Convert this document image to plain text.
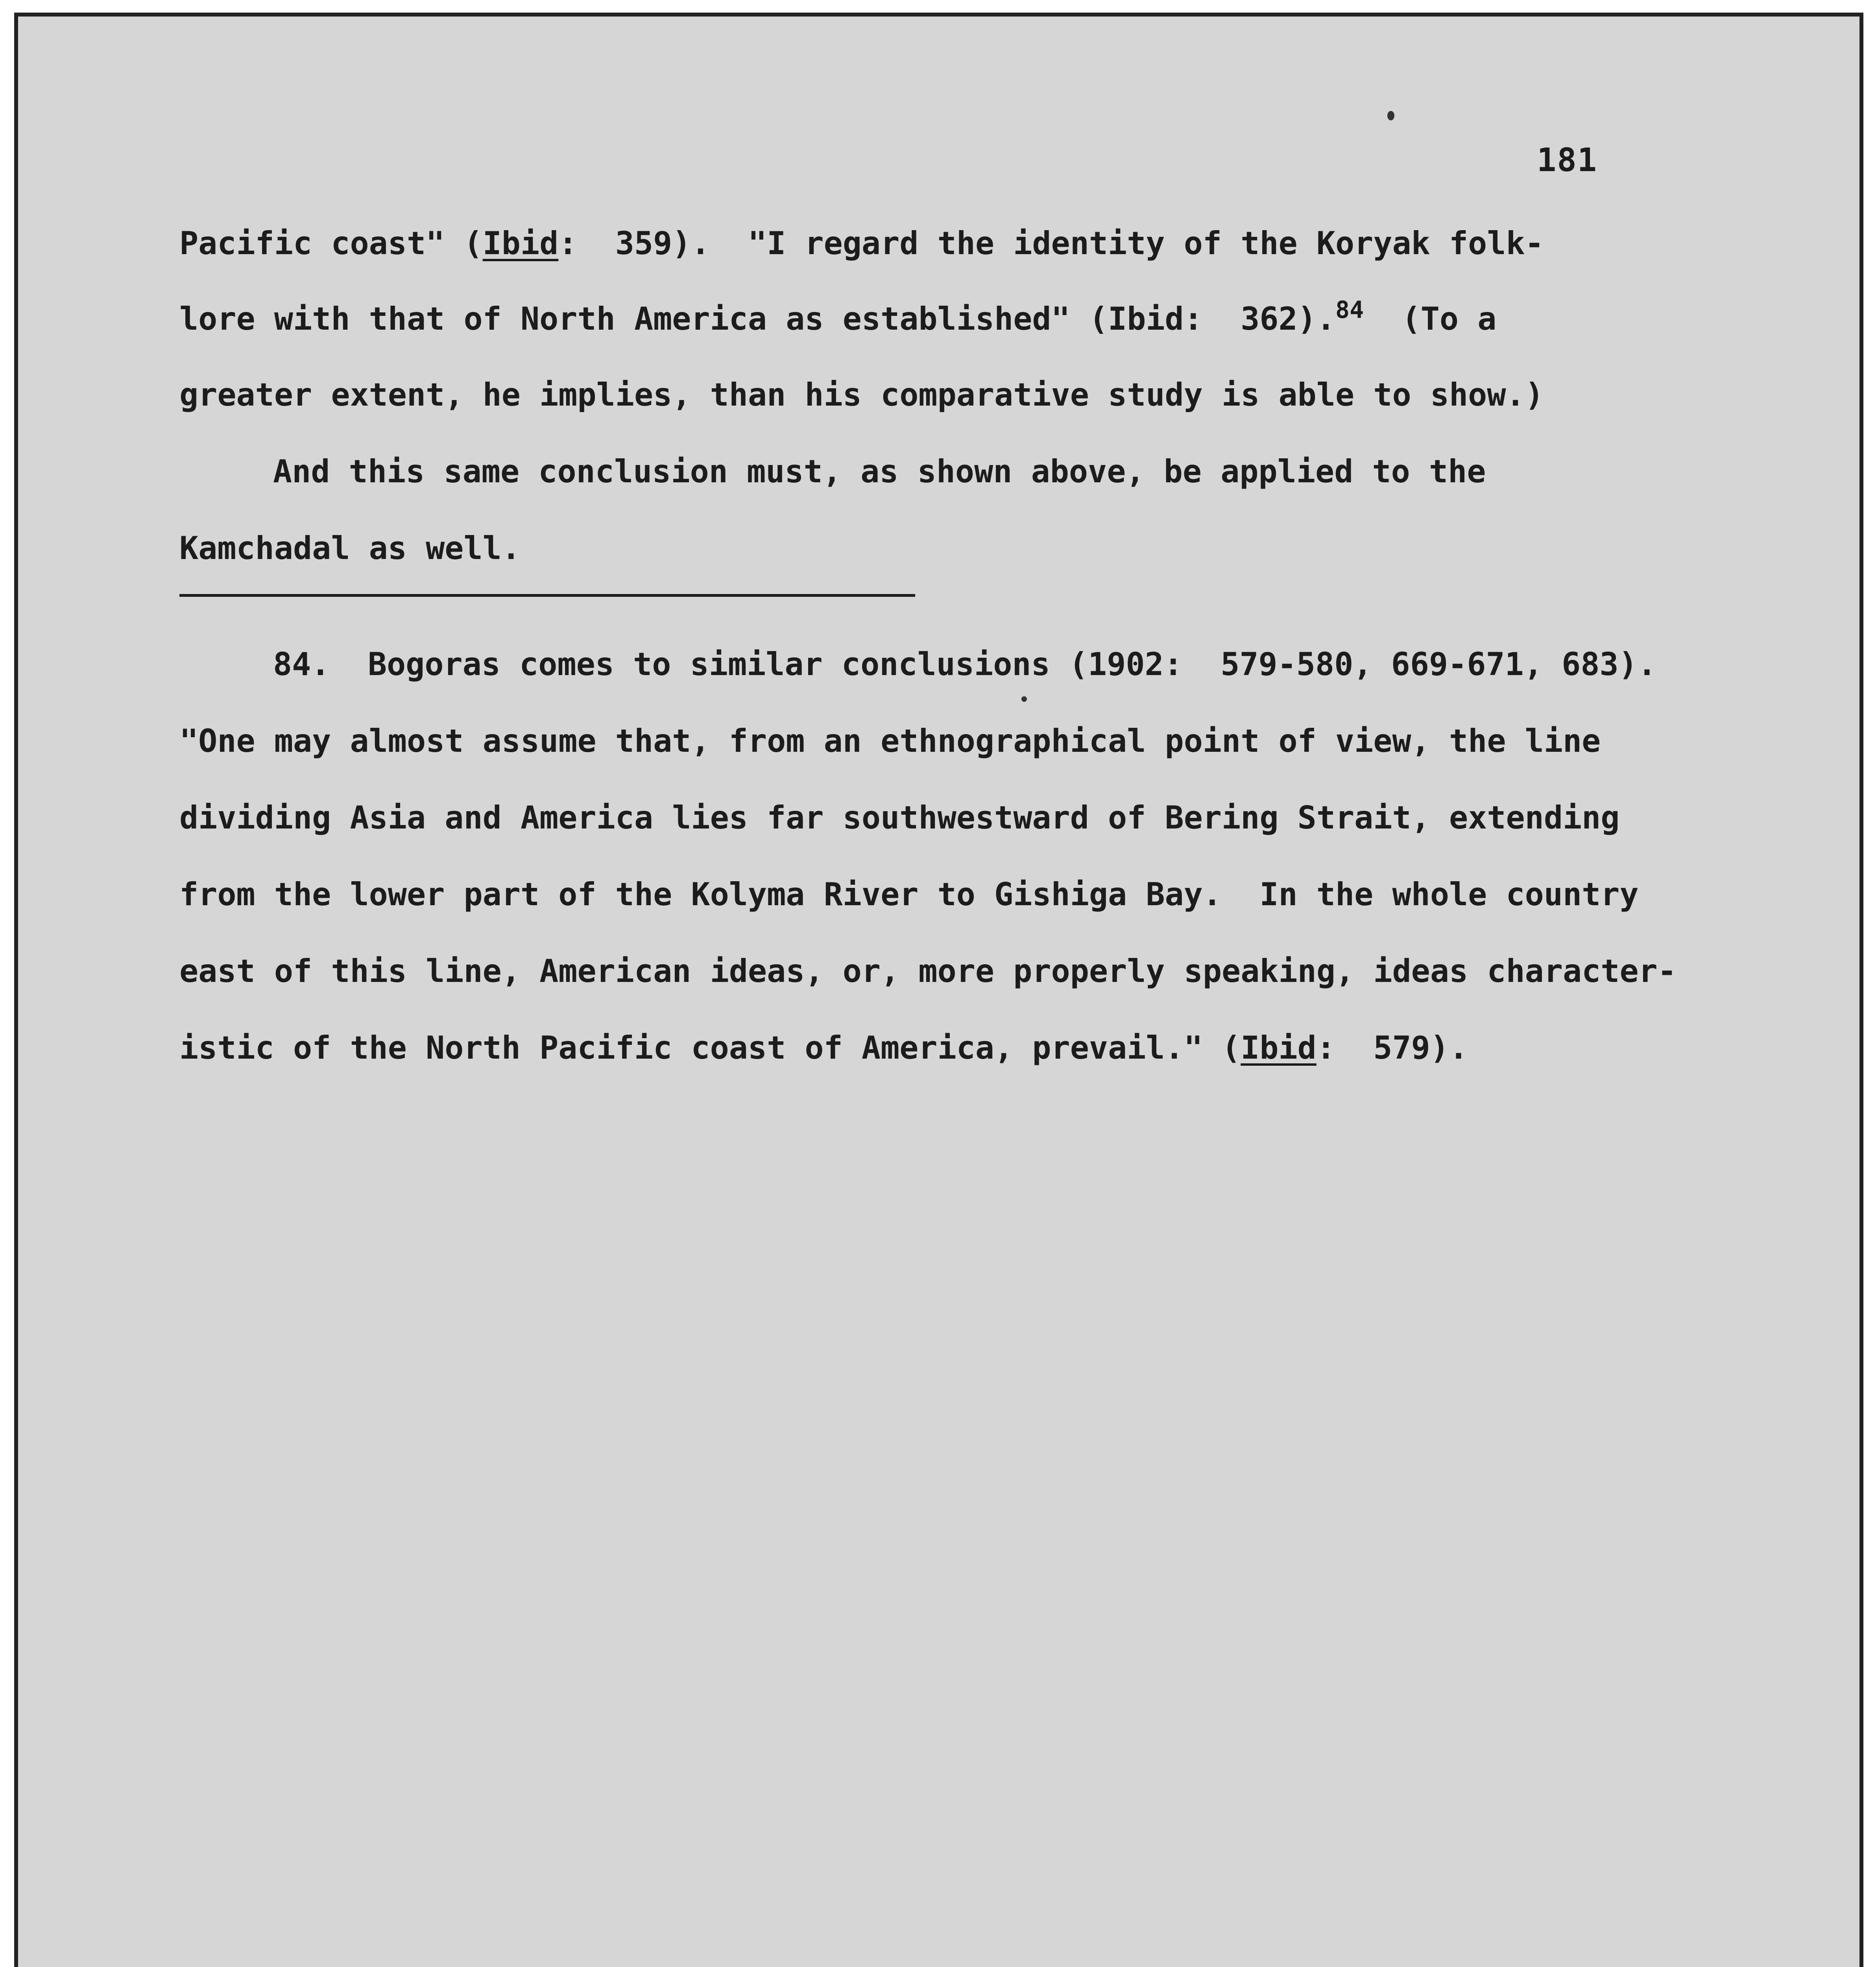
181
Pacific coast" (Ibid:  359).  "I regard the identity of the Koryak folk-
lore with that of North America as established" (Ibid:  362).$^{84}$  (To a
greater extent, he implies, than his comparative study is able to show.)
And this same conclusion must, as shown above, be applied to the
Kamchadal as well.
84.  Bogoras comes to similar conclusions (1902:  579-580, 669-671, 683).
"One may almost assume that, from an ethnographical point of view, the line
dividing Asia and America lies far southwestward of Bering Strait, extending
from the lower part of the Kolyma River to Gishiga Bay.  In the whole country
east of this line, American ideas, or, more properly speaking, ideas character-
istic of the North Pacific coast of America, prevail." (Ibid:  579).
